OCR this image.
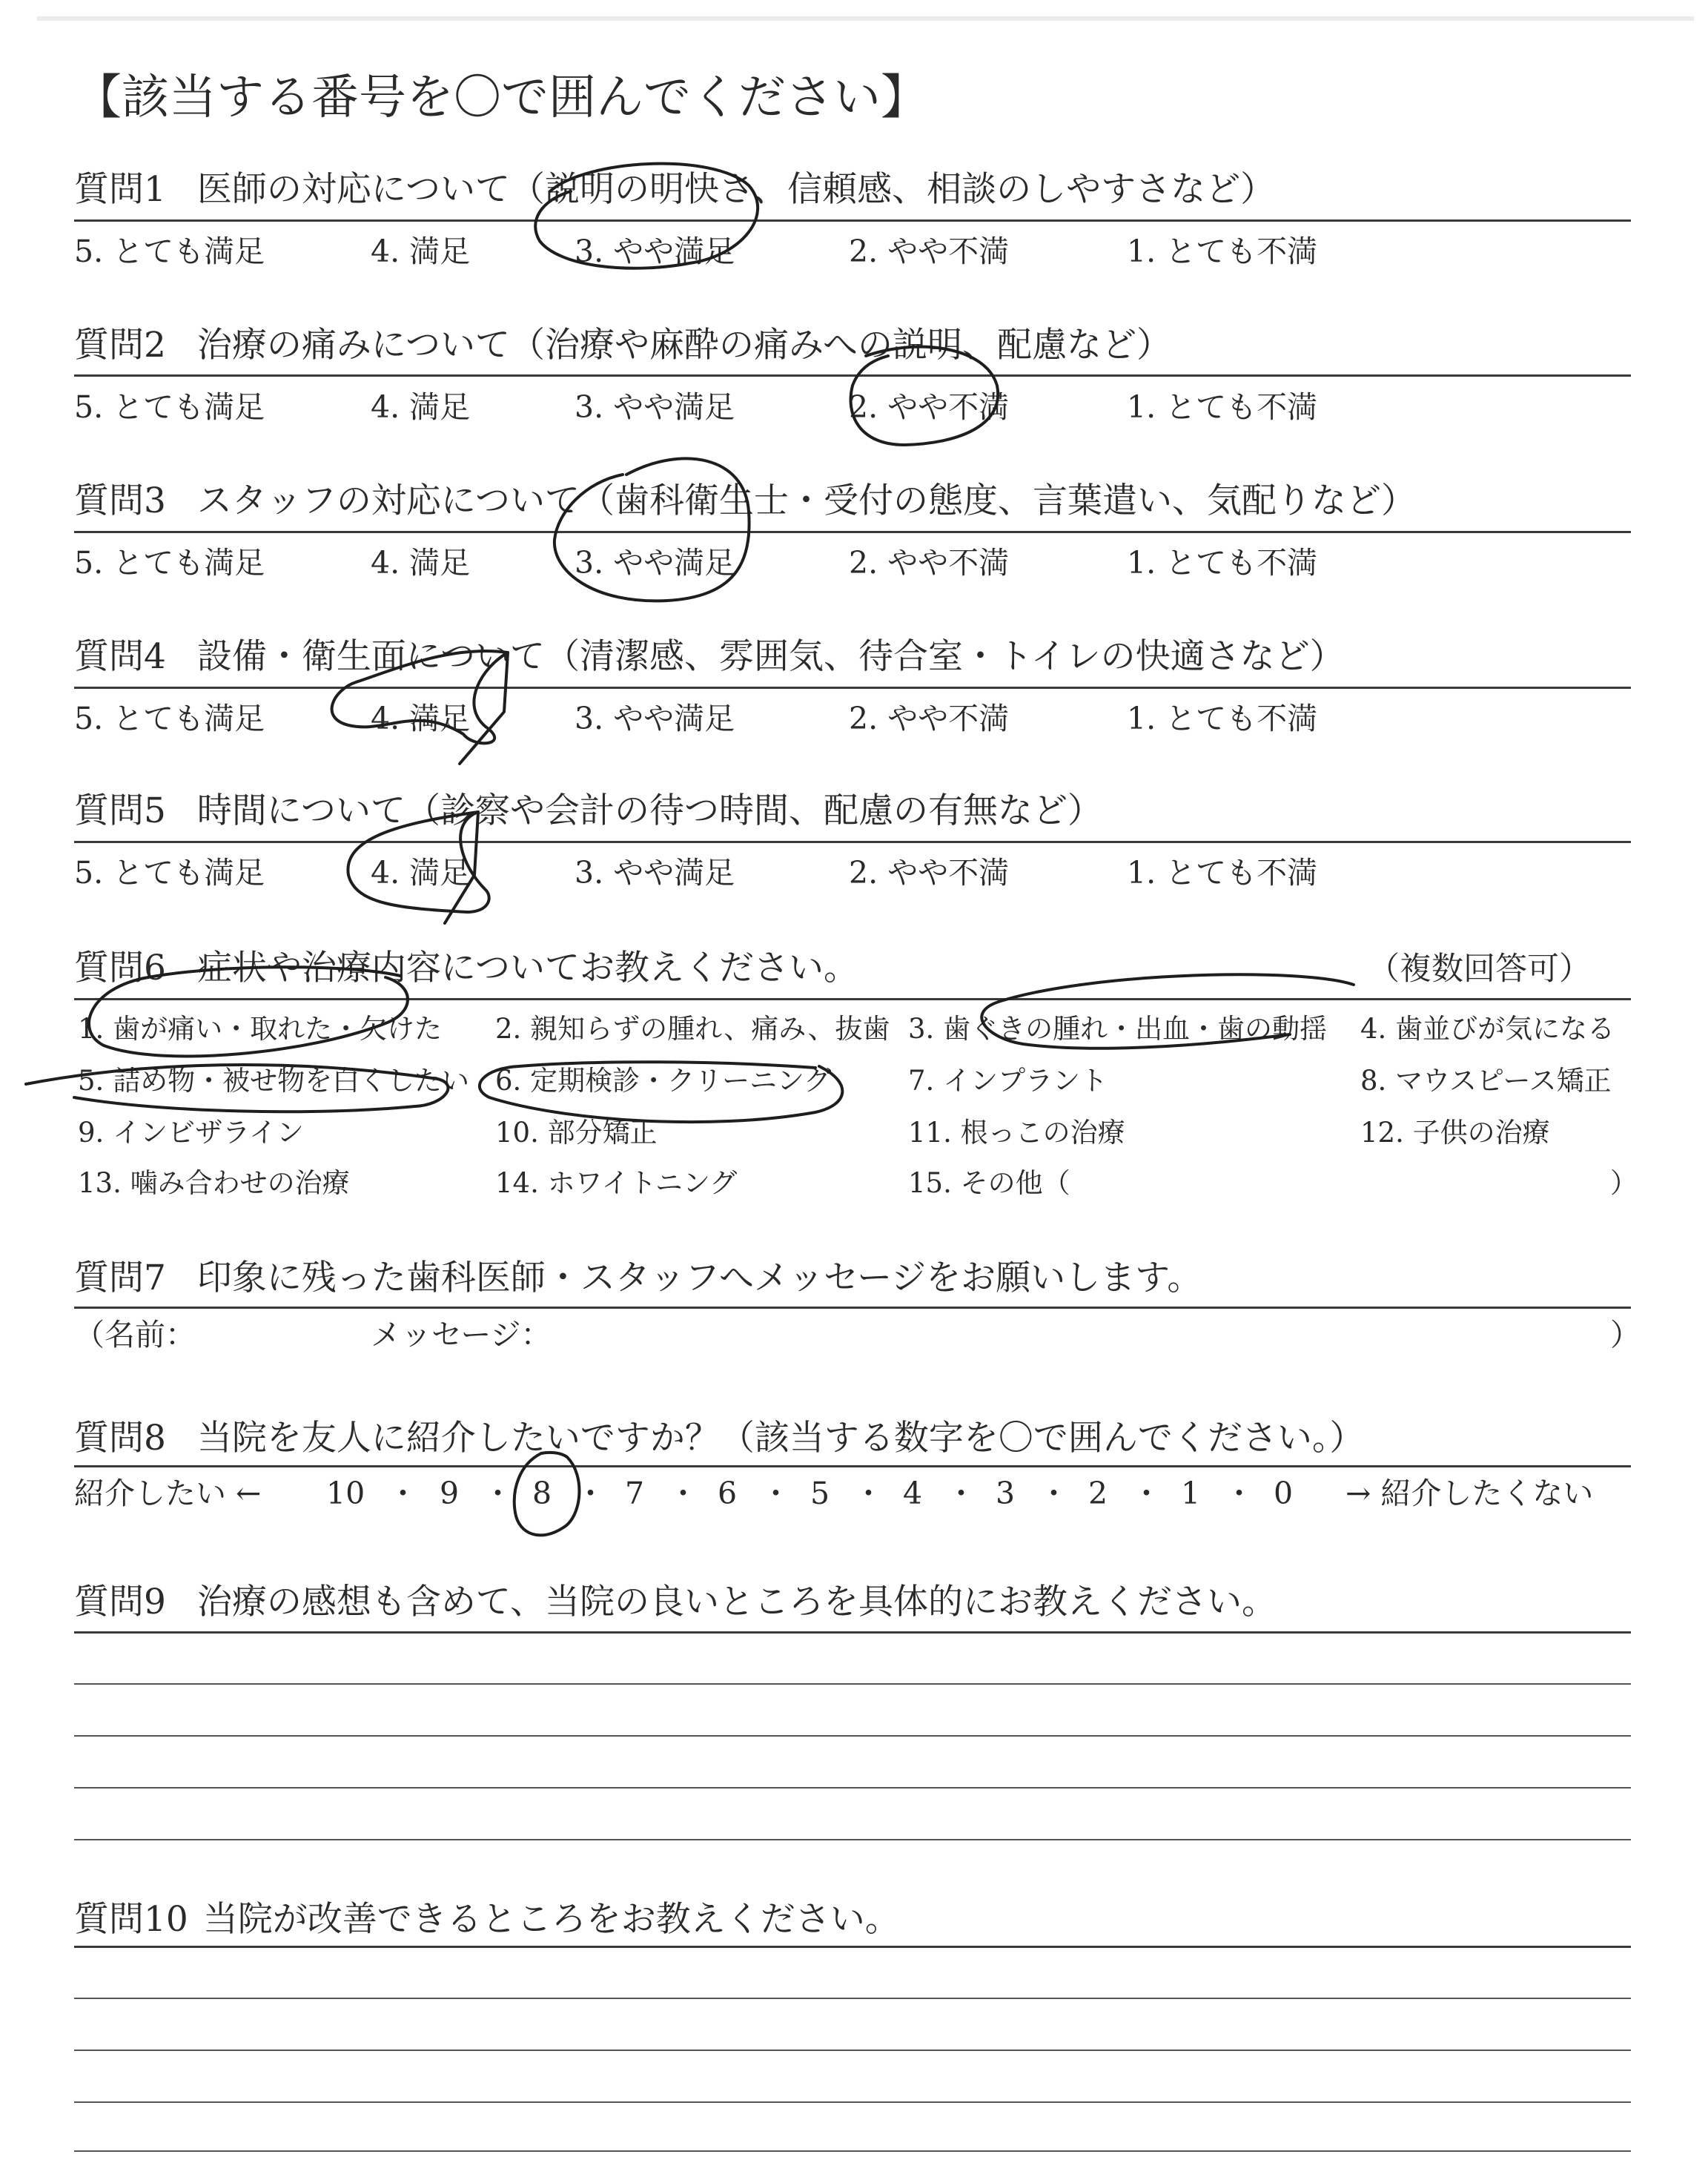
【該当する番号を〇で囲んでください】
質問1 医師の対応について（説明の明快さ、信頼感、相談のしやすさなど）
5. とても満足	4. 満足	3. やや満足	2. やや不満	1. とても不満
質問2 治療の痛みについて（治療や麻酔の痛みへの説明、配慮など）
5. とても満足	4. 満足	3. やや満足	2. やや不満	1. とても不満
質問3 スタッフの対応について（歯科衛生士・受付の態度、言葉遣い、気配りなど）
5. とても満足	4. 満足	3. やや満足	2. やや不満	1. とても不満
質問4 設備・衛生面について（清潔感、雰囲気、待合室・トイレの快適さなど）
5. とても満足	4. 満足	3. やや満足	2. やや不満	1. とても不満
質問5 時間について（診察や会計の待つ時間、配慮の有無など）
5. とても満足	4. 満足	3. やや満足	2. やや不満	1. とても不満
質問6 症状や治療内容についてお教えください。	（複数回答可）
1. 歯が痛い・取れた・欠けた 2. 親知らずの腫れ、痛み、抜歯 3. 歯ぐきの腫れ・出血・歯の動揺 4. 歯並びが気になる
5. 詰め物・被せ物を白くしたい 6. 定期検診・クリーニング	7. インプラント	8. マウスピース矯正
9. インビザライン	10. 部分矯正	11. 根っこの治療	12. 子供の治療
13. 噛み合わせの治療	14. ホワイトニング	15. その他（	）
質問7 印象に残った歯科医師・スタッフへメッセージをお願いします。
（名前：	メッセージ：	）
質問8 当院を友人に紹介したいですか？（該当する数字を〇で囲んでください。）
紹介したい ← 10 ・ 9 ・ 8 ・ 7 ・ 6 ・ 5 ・ 4 ・ 3 ・ 2 ・ 1 ・ 0 → 紹介したくない
質問9 治療の感想も含めて、当院の良いところを具体的にお教えください。
質問10 当院が改善できるところをお教えください。
